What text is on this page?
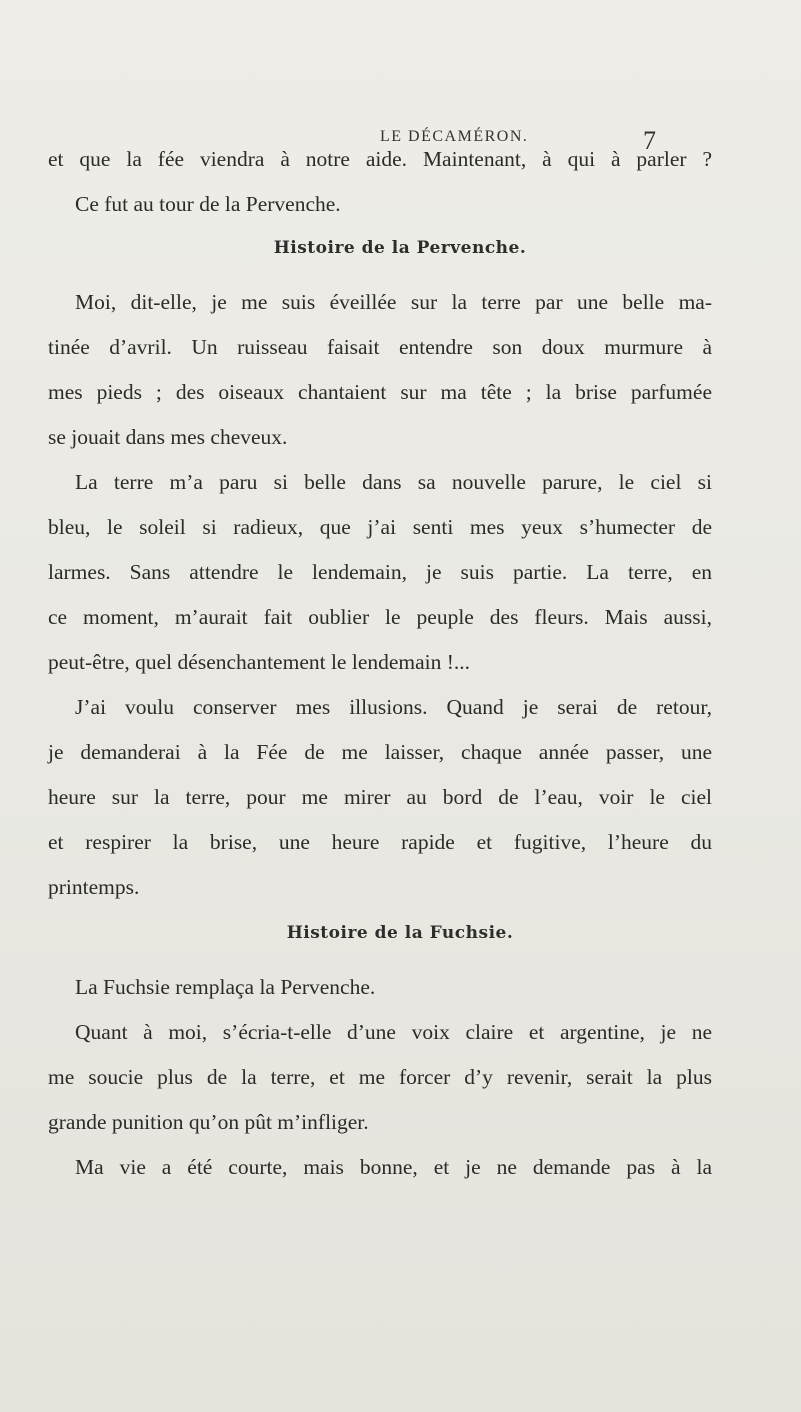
LE DÉCAMÉRON.	7
et que la fée viendra à notre aide. Maintenant, à qui à parler ?
Ce fut au tour de la Pervenche.
Histoire de la Pervenche.
Moi, dit-elle, je me suis éveillée sur la terre par une belle ma-
tinée d’avril. Un ruisseau faisait entendre son doux murmure à
mes pieds ; des oiseaux chantaient sur ma tête ; la brise parfumée
se jouait dans mes cheveux.
La terre m’a paru si belle dans sa nouvelle parure, le ciel si
bleu, le soleil si radieux, que j’ai senti mes yeux s’humecter de
larmes. Sans attendre le lendemain, je suis partie. La terre, en
ce moment, m’aurait fait oublier le peuple des fleurs. Mais aussi,
peut-être, quel désenchantement le lendemain !...
J’ai voulu conserver mes illusions. Quand je serai de retour,
je demanderai à la Fée de me laisser, chaque année passer, une
heure sur la terre, pour me mirer au bord de l’eau, voir le ciel
et respirer la brise, une heure rapide et fugitive, l’heure du
printemps.
Histoire de la Fuchsie.
La Fuchsie remplaça la Pervenche.
Quant à moi, s’écria-t-elle d’une voix claire et argentine, je ne
me soucie plus de la terre, et me forcer d’y revenir, serait la plus
grande punition qu’on pût m’infliger.
Ma vie a été courte, mais bonne, et je ne demande pas à la
